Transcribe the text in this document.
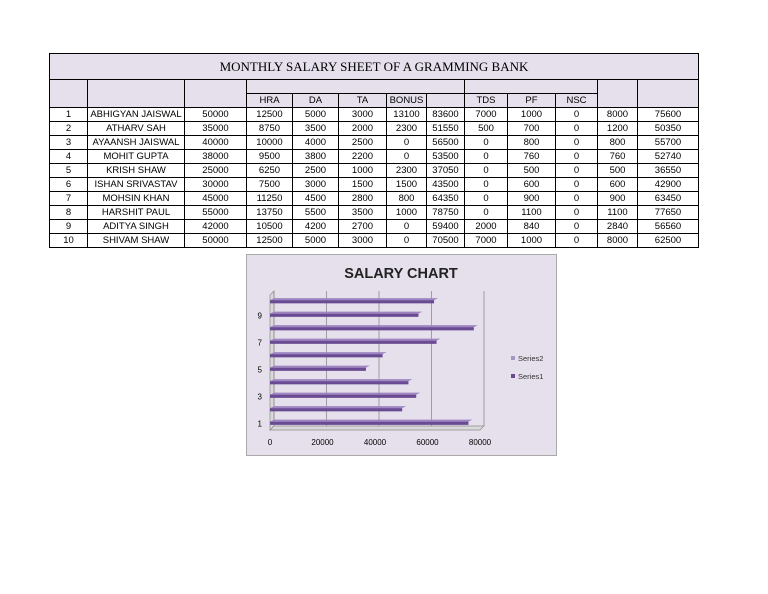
MONTHLY SALARY SHEET OF A GRAMMING BANK												

			HRA	DA	TA	BONUS		TDS	PF	NSC		
1	ABHIGYAN JAISWAL	50000	12500	5000	3000	13100	83600	7000	1000	0	8000	75600
2	ATHARV SAH	35000	8750	3500	2000	2300	51550	500	700	0	1200	50350
3	AYAANSH JAISWAL	40000	10000	4000	2500	0	56500	0	800	0	800	55700
4	MOHIT GUPTA	38000	9500	3800	2200	0	53500	0	760	0	760	52740
5	KRISH SHAW	25000	6250	2500	1000	2300	37050	0	500	0	500	36550
6	ISHAN SRIVASTAV	30000	7500	3000	1500	1500	43500	0	600	0	600	42900
7	MOHSIN KHAN	45000	11250	4500	2800	800	64350	0	900	0	900	63450
8	HARSHIT PAUL	55000	13750	5500	3500	1000	78750	0	1100	0	1100	77650
9	ADITYA SINGH	42000	10500	4200	2700	0	59400	2000	840	0	2840	56560
10	SHIVAM SHAW	50000	12500	5000	3000	0	70500	7000	1000	0	8000	62500
SALARY CHART
0	20000	40000	60000	80000
1
3
5
7
9
Series2
Series1
